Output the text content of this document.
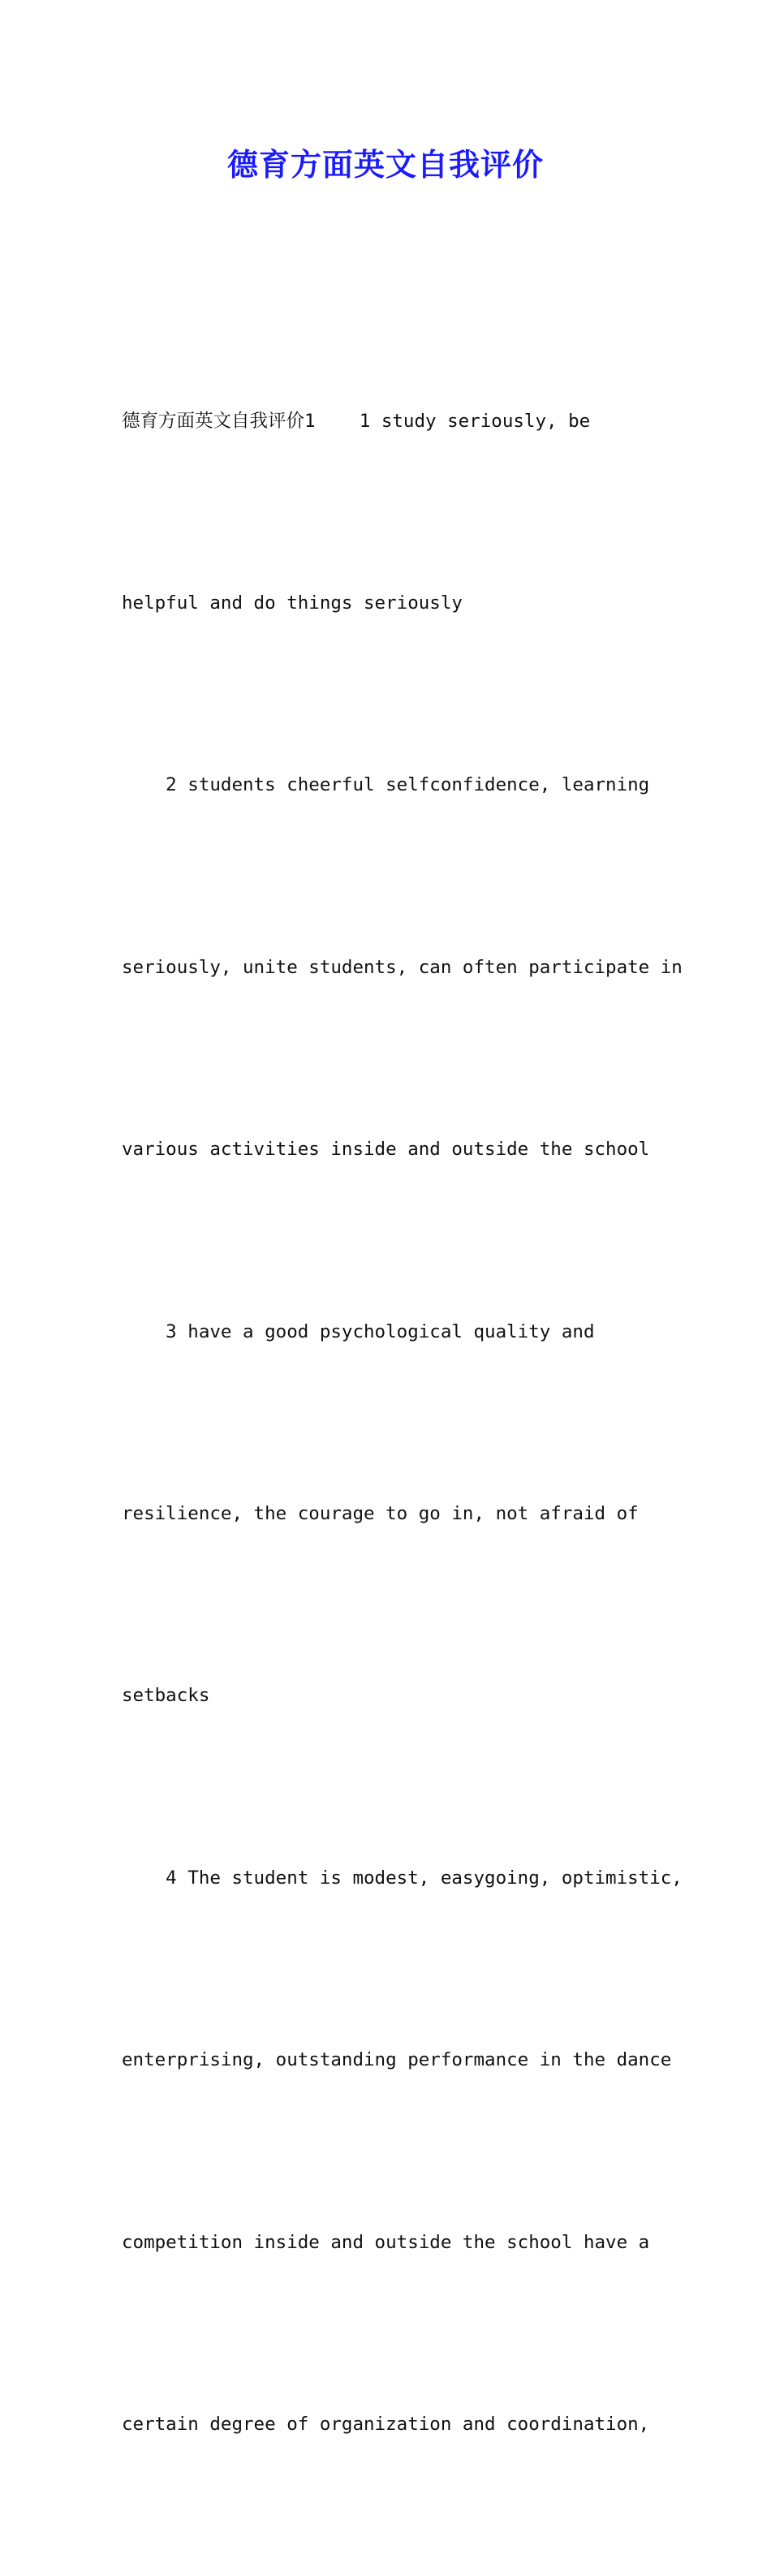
德育方面英文自我评价

德育方面英文自我评价1    1 study seriously, be

helpful and do things seriously

2 students cheerful selfconfidence, learning

seriously, unite students, can often participate in

various activities inside and outside the school

3 have a good psychological quality and

resilience, the courage to go in, not afraid of

setbacks

4 The student is modest, easygoing, optimistic,

enterprising, outstanding performance in the dance

competition inside and outside the school have a

certain degree of organization and coordination,
